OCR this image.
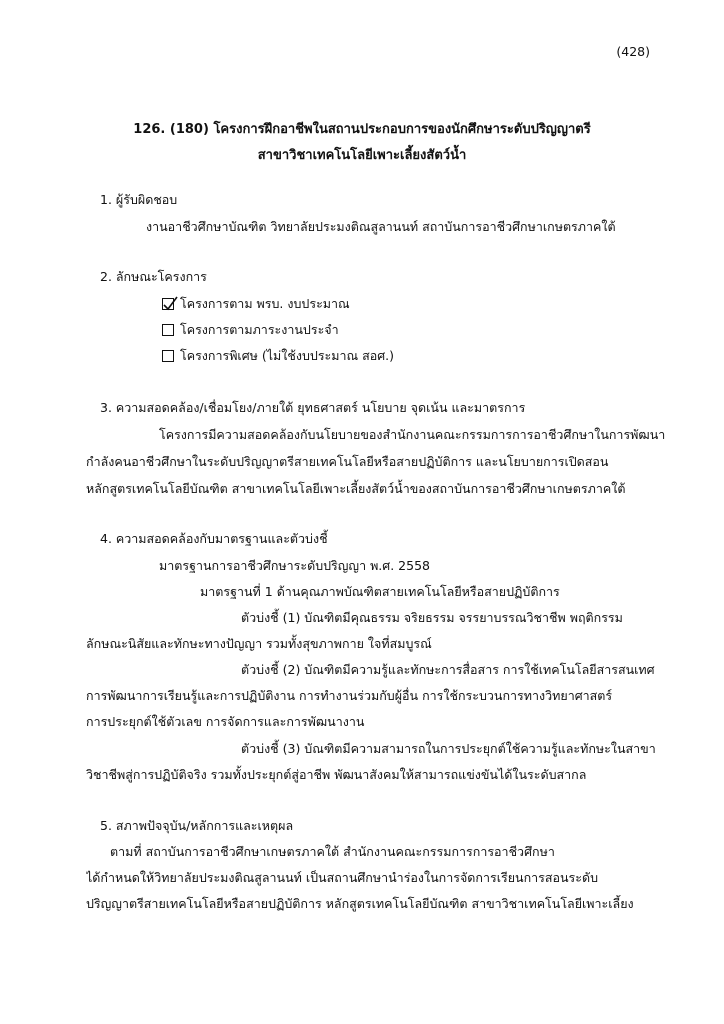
(428)
126. (180) โครงการฝึกอาชีพในสถานประกอบการของนักศึกษาระดับปริญญาตรี
สาขาวิชาเทคโนโลยีเพาะเลี้ยงสัตว์น้ำ
1. ผู้รับผิดชอบ
งานอาชีวศึกษาบัณฑิต วิทยาลัยประมงติณสูลานนท์ สถาบันการอาชีวศึกษาเกษตรภาคใต้
2. ลักษณะโครงการ
โครงการตาม พรบ. งบประมาณ
โครงการตามภาระงานประจำ
โครงการพิเศษ (ไม่ใช้งบประมาณ สอศ.)
3. ความสอดคล้อง/เชื่อมโยง/ภายใต้ ยุทธศาสตร์ นโยบาย จุดเน้น และมาตรการ
โครงการมีความสอดคล้องกับนโยบายของสำนักงานคณะกรรมการการอาชีวศึกษาในการพัฒนา
กำลังคนอาชีวศึกษาในระดับปริญญาตรีสายเทคโนโลยีหรือสายปฏิบัติการ และนโยบายการเปิดสอน
หลักสูตรเทคโนโลยีบัณฑิต สาขาเทคโนโลยีเพาะเลี้ยงสัตว์น้ำของสถาบันการอาชีวศึกษาเกษตรภาคใต้
4. ความสอดคล้องกับมาตรฐานและตัวบ่งชี้
มาตรฐานการอาชีวศึกษาระดับปริญญา พ.ศ. 2558
มาตรฐานที่ 1 ด้านคุณภาพบัณฑิตสายเทคโนโลยีหรือสายปฏิบัติการ
ตัวบ่งชี้ (1) บัณฑิตมีคุณธรรม จริยธรรม จรรยาบรรณวิชาชีพ พฤติกรรม
ลักษณะนิสัยและทักษะทางปัญญา รวมทั้งสุขภาพกาย ใจที่สมบูรณ์
ตัวบ่งชี้ (2) บัณฑิตมีความรู้และทักษะการสื่อสาร การใช้เทคโนโลยีสารสนเทศ
การพัฒนาการเรียนรู้และการปฏิบัติงาน การทำงานร่วมกับผู้อื่น การใช้กระบวนการทางวิทยาศาสตร์
การประยุกต์ใช้ตัวเลข การจัดการและการพัฒนางาน
ตัวบ่งชี้ (3) บัณฑิตมีความสามารถในการประยุกต์ใช้ความรู้และทักษะในสาขา
วิชาชีพสู่การปฏิบัติจริง รวมทั้งประยุกต์สู่อาชีพ พัฒนาสังคมให้สามารถแข่งขันได้ในระดับสากล
5. สภาพปัจจุบัน/หลักการและเหตุผล
ตามที่ สถาบันการอาชีวศึกษาเกษตรภาคใต้ สำนักงานคณะกรรมการการอาชีวศึกษา
ได้กำหนดให้วิทยาลัยประมงติณสูลานนท์ เป็นสถานศึกษานำร่องในการจัดการเรียนการสอนระดับ
ปริญญาตรีสายเทคโนโลยีหรือสายปฏิบัติการ หลักสูตรเทคโนโลยีบัณฑิต สาขาวิชาเทคโนโลยีเพาะเลี้ยง
